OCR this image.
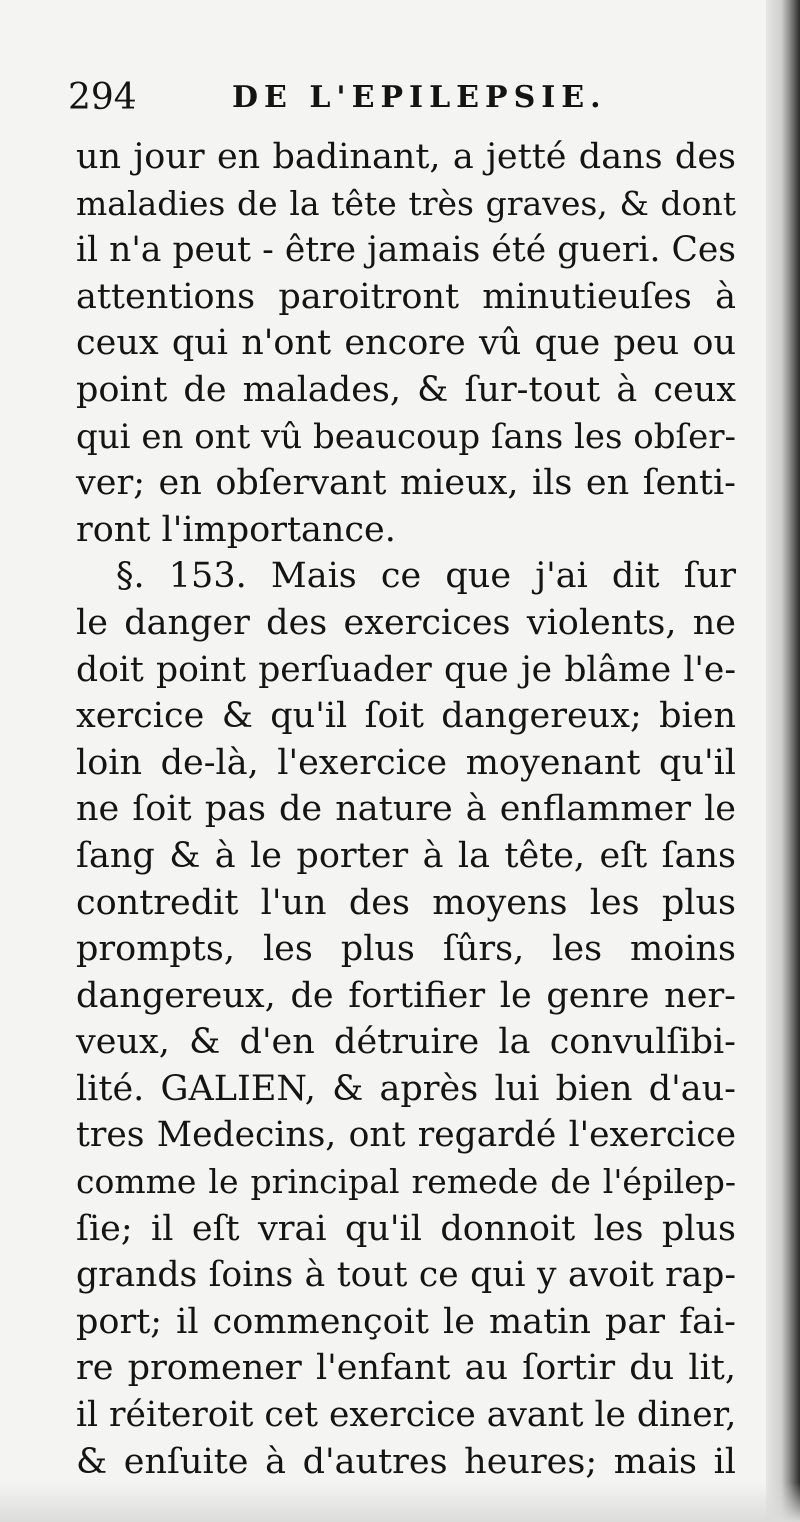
294	DE L'EPILEPSIE.
un jour en badinant, a jetté dans des
maladies de la tête très graves, & dont
il n'a peut - être jamais été gueri. Ces
attentions paroitront minutieuſes à
ceux qui n'ont encore vû que peu ou
point de malades, & ſur-tout à ceux
qui en ont vû beaucoup ſans les obſer-
ver; en obſervant mieux, ils en ſenti-
ront l'importance.
§. 153. Mais ce que j'ai dit ſur
le danger des exercices violents, ne
doit point perſuader que je blâme l'e-
xercice & qu'il ſoit dangereux; bien
loin de-là, l'exercice moyenant qu'il
ne ſoit pas de nature à enflammer le
ſang & à le porter à la tête, eſt ſans
contredit l'un des moyens les plus
prompts, les plus ſûrs, les moins
dangereux, de fortifier le genre ner-
veux, & d'en détruire la convulſibi-
lité. GALIEN, & après lui bien d'au-
tres Medecins, ont regardé l'exercice
comme le principal remede de l'épilep-
ſie; il eſt vrai qu'il donnoit les plus
grands ſoins à tout ce qui y avoit rap-
port; il commençoit le matin par fai-
re promener l'enfant au ſortir du lit,
il réiteroit cet exercice avant le diner,
& enſuite à d'autres heures; mais il
